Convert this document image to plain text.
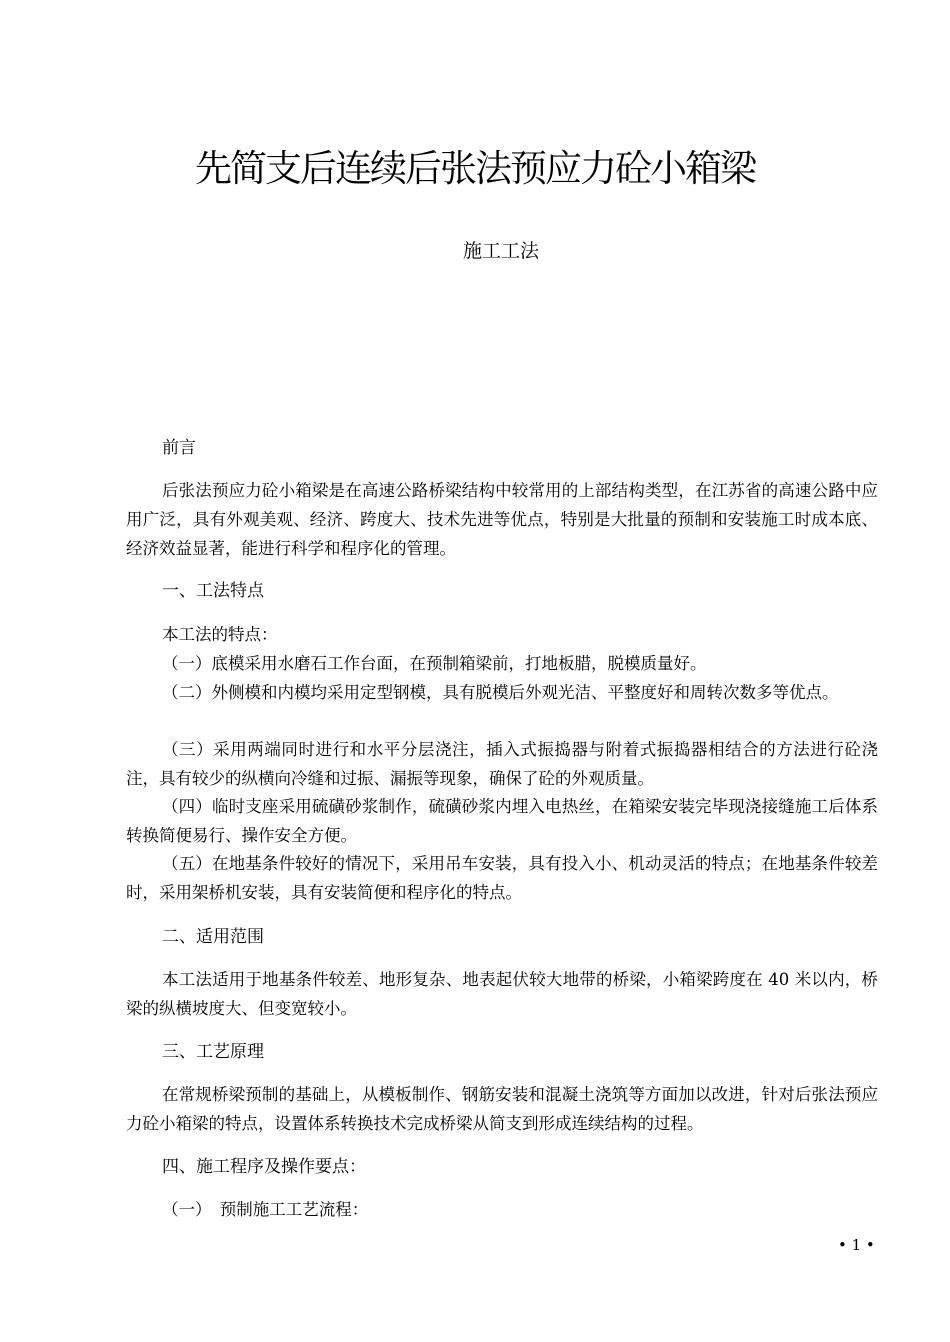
先简支后连续后张法预应力砼小箱梁

施工工法

前言

后张法预应力砼小箱梁是在高速公路桥梁结构中较常用的上部结构类型，在江苏省的高速公路中应用广泛，具有外观美观、经济、跨度大、技术先进等优点，特别是大批量的预制和安装施工时成本底、经济效益显著，能进行科学和程序化的管理。

一、工法特点

本工法的特点：

（一）底模采用水磨石工作台面，在预制箱梁前，打地板腊，脱模质量好。

（二）外侧模和内模均采用定型钢模，具有脱模后外观光洁、平整度好和周转次数多等优点。

（三）采用两端同时进行和水平分层浇注，插入式振捣器与附着式振捣器相结合的方法进行砼浇注，具有较少的纵横向冷缝和过振、漏振等现象，确保了砼的外观质量。

（四）临时支座采用硫磺砂浆制作，硫磺砂浆内埋入电热丝，在箱梁安装完毕现浇接缝施工后体系转换简便易行、操作安全方便。

（五）在地基条件较好的情况下，采用吊车安装，具有投入小、机动灵活的特点；在地基条件较差时，采用架桥机安装，具有安装简便和程序化的特点。

二、适用范围

本工法适用于地基条件较差、地形复杂、地表起伏较大地带的桥梁，小箱梁跨度在 40 米以内，桥梁的纵横坡度大、但变宽较小。

三、工艺原理

在常规桥梁预制的基础上，从模板制作、钢筋安装和混凝土浇筑等方面加以改进，针对后张法预应力砼小箱梁的特点，设置体系转换技术完成桥梁从简支到形成连续结构的过程。

四、施工程序及操作要点：

（一）　预制施工工艺流程：

• 1 •
